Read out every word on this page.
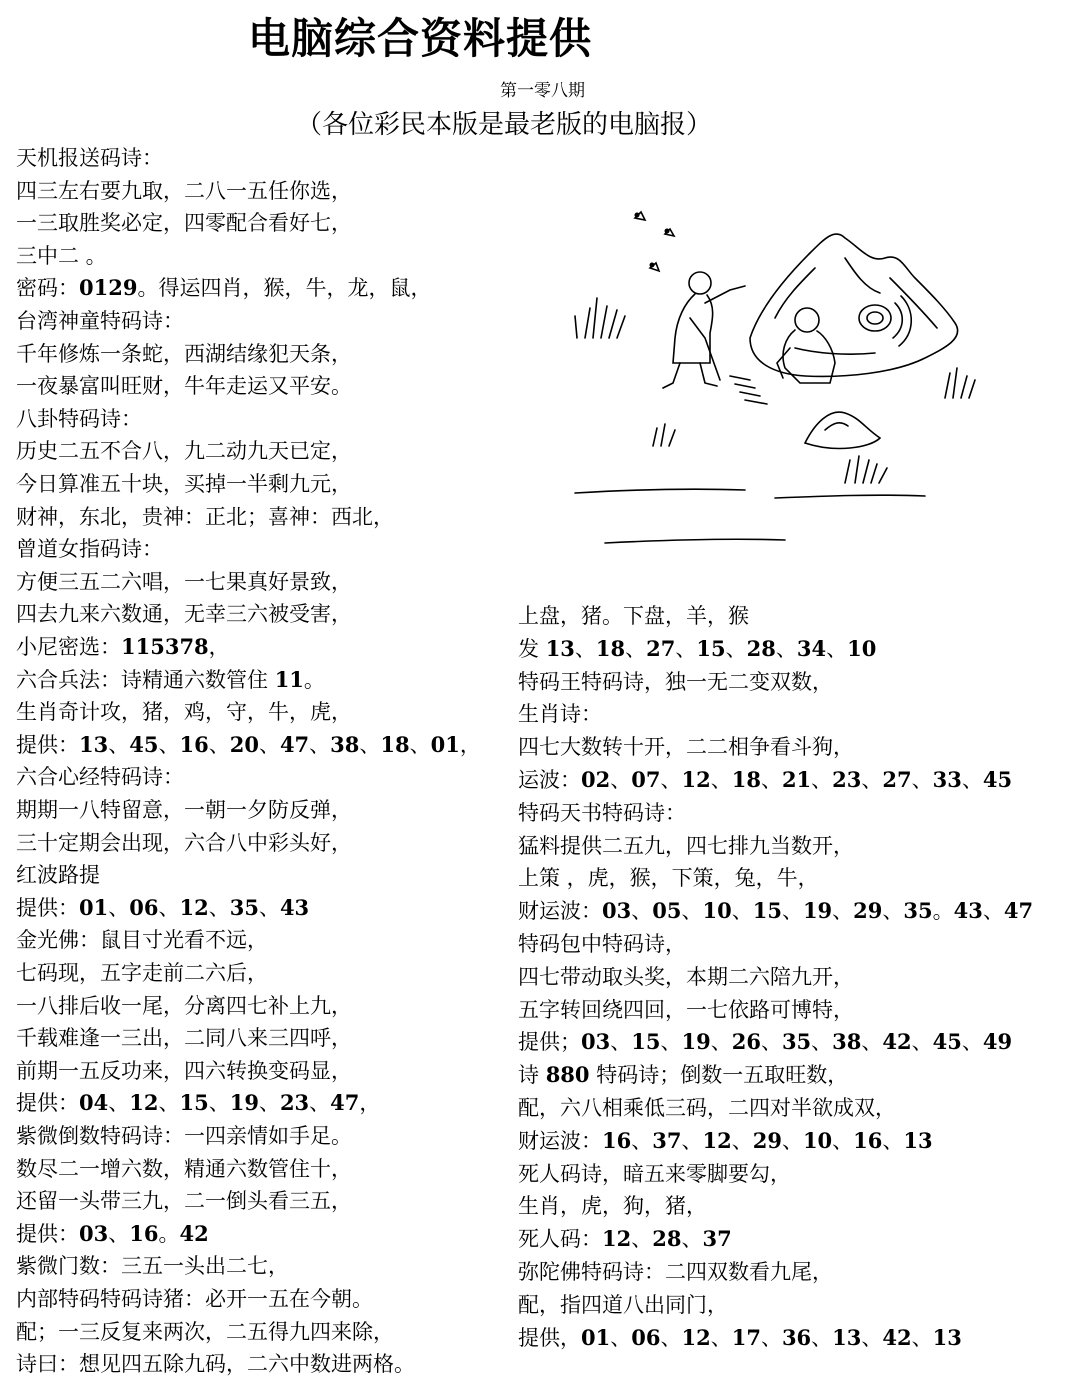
电脑综合资料提供
第一零八期
（各位彩民本版是最老版的电脑报）
天机报送码诗：
四三左右要九取，二八一五任你选，
一三取胜奖必定，四零配合看好七，
三中二 。
密码：0129。得运四肖，猴，牛，龙，鼠，
台湾神童特码诗：
千年修炼一条蛇，西湖结缘犯天条，
一夜暴富叫旺财，牛年走运又平安。
八卦特码诗：
历史二五不合八，九二动九天已定，
今日算准五十块，买掉一半剩九元，
财神，东北，贵神：正北；喜神：西北，
曾道女指码诗：
方便三五二六唱，一七果真好景致，
四去九来六数通，无幸三六被受害，
小尼密选：115378，
六合兵法：诗精通六数管住 11。
生肖奇计攻，猪，鸡，守，牛，虎，
提供：13、45、16、20、47、38、18、01，
六合心经特码诗：
期期一八特留意，一朝一夕防反弹，
三十定期会出现，六合八中彩头好，
红波路提
提供：01、06、12、35、43
金光佛：鼠目寸光看不远，
七码现，五字走前二六后，
一八排后收一尾，分离四七补上九，
千载难逢一三出，二同八来三四呼，
前期一五反功来，四六转换变码显，
提供：04、12、15、19、23、47，
紫微倒数特码诗：一四亲情如手足。
数尽二一增六数，精通六数管住十，
还留一头带三九，二一倒头看三五，
提供：03、16。42
紫微门数：三五一头出二七，
内部特码特码诗猪：必开一五在今朝。
配；一三反复来两次，二五得九四来除，
诗曰：想见四五除九码，二六中数进两格。
上盘，猪。下盘，羊，猴
发 13、18、27、15、28、34、10
特码王特码诗，独一无二变双数，
生肖诗：
四七大数转十开，二二相争看斗狗，
运波：02、07、12、18、21、23、27、33、45
特码天书特码诗：
猛料提供二五九，四七排九当数开，
上策 ，虎，猴，下策，兔，牛，
财运波：03、05、10、15、19、29、35。43、47
特码包中特码诗，
四七带动取头奖，本期二六陪九开，
五字转回绕四回，一七依路可博特，
提供；03、15、19、26、35、38、42、45、49
诗 880 特码诗；倒数一五取旺数，
配，六八相乘低三码，二四对半欲成双，
财运波：16、37、12、29、10、16、13
死人码诗，暗五来零脚要勾，
生肖，虎，狗，猪，
死人码：12、28、37
弥陀佛特码诗：二四双数看九尾，
配，指四道八出同门，
提供，01、06、12、17、36、13、42、13
